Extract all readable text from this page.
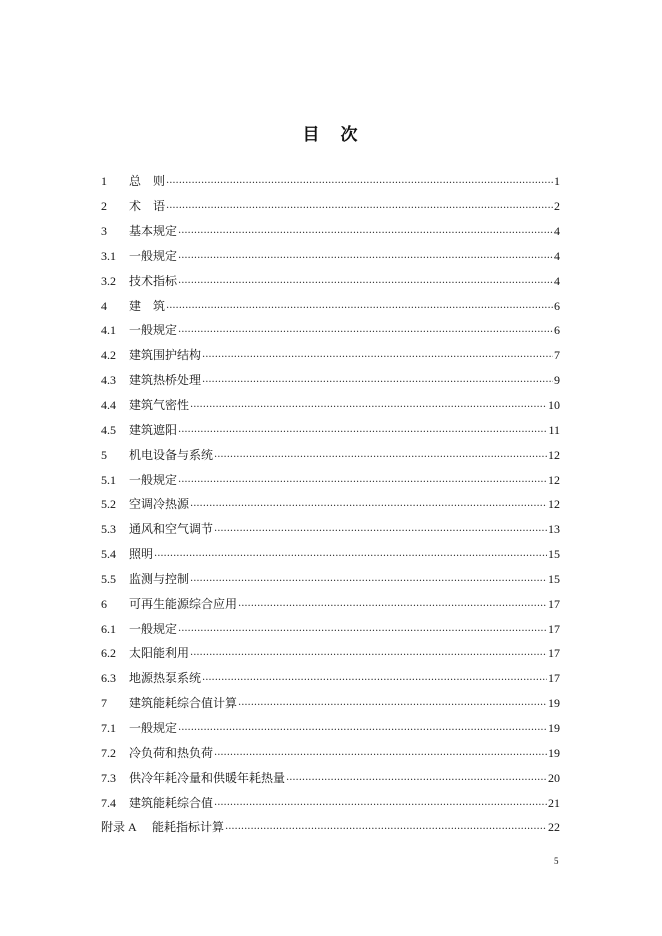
目　次
1	总　则 .....	1
2	术　语 .....	2
3	基本规定 .....	4
3.1	一般规定 .....	4
3.2	技术指标 .....	4
4	建　筑 .....	6
4.1	一般规定 .....	6
4.2	建筑围护结构 .....	7
4.3	建筑热桥处理 .....	9
4.4	建筑气密性 .....	10
4.5	建筑遮阳 .....	11
5	机电设备与系统 .....	12
5.1	一般规定 .....	12
5.2	空调冷热源 .....	12
5.3	通风和空气调节 .....	13
5.4	照明 .....	15
5.5	监测与控制 .....	15
6	可再生能源综合应用 .....	17
6.1	一般规定 .....	17
6.2	太阳能利用 .....	17
6.3	地源热泵系统 .....	17
7	建筑能耗综合值计算 .....	19
7.1	一般规定 .....	19
7.2	冷负荷和热负荷 .....	19
7.3	供冷年耗冷量和供暖年耗热量 .....	20
7.4	建筑能耗综合值 .....	21
附录 A	能耗指标计算 .....	22
5
